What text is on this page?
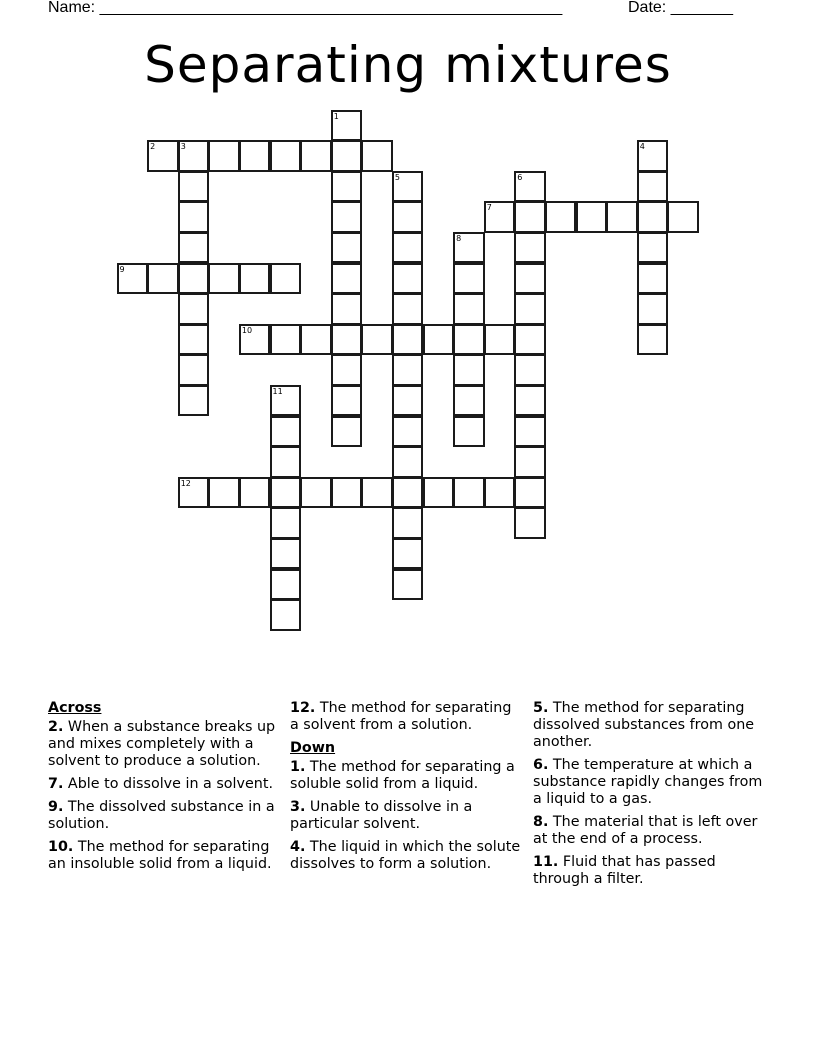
Name: ____________________________________________________	Date: _______
Separating mixtures
1
2	3	4
5	6
7
8
9
10
11
12
Across
2. When a substance breaks up and mixes completely with a solvent to produce a solution.
7. Able to dissolve in a solvent.
9. The dissolved substance in a solution.
10. The method for separating an insoluble solid from a liquid.
12. The method for separating a solvent from a solution.
Down
1. The method for separating a soluble solid from a liquid.
3. Unable to dissolve in a particular solvent.
4. The liquid in which the solute dissolves to form a solution.
5. The method for separating dissolved substances from one another.
6. The temperature at which a substance rapidly changes from a liquid to a gas.
8. The material that is left over at the end of a process.
11. Fluid that has passed through a filter.
